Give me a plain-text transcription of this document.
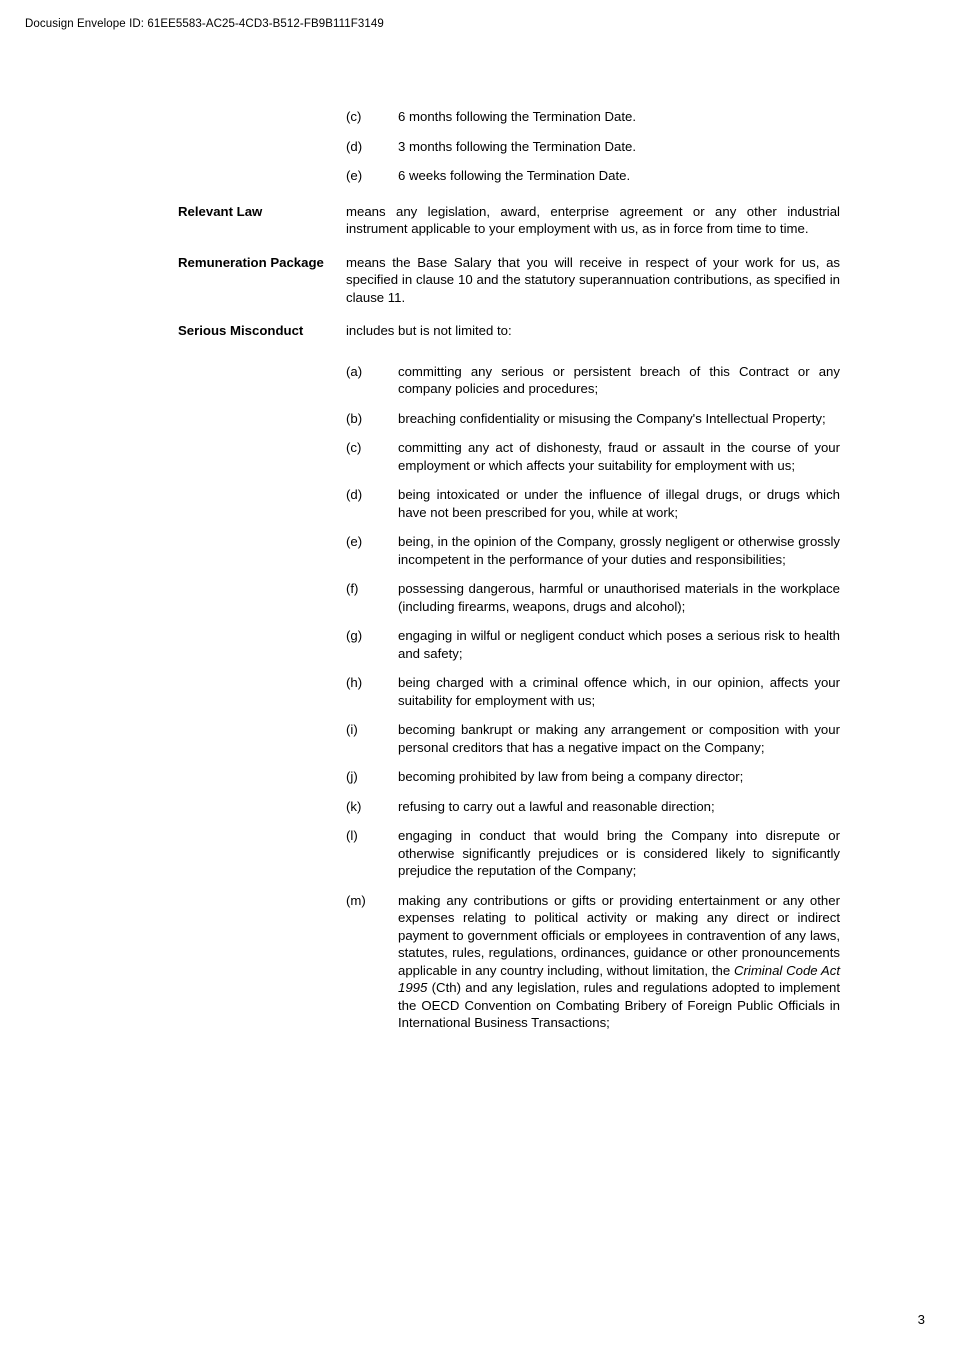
Docusign Envelope ID: 61EE5583-AC25-4CD3-B512-FB9B111F3149
(c)	6 months following the Termination Date.
(d)	3 months following the Termination Date.
(e)	6 weeks following the Termination Date.
Relevant Law	means any legislation, award, enterprise agreement or any other industrial instrument applicable to your employment with us, as in force from time to time.
Remuneration Package	means the Base Salary that you will receive in respect of your work for us, as specified in clause 10 and the statutory superannuation contributions, as specified in clause 11.
Serious Misconduct	includes but is not limited to:
(a)	committing any serious or persistent breach of this Contract or any company policies and procedures;
(b)	breaching confidentiality or misusing the Company's Intellectual Property;
(c)	committing any act of dishonesty, fraud or assault in the course of your employment or which affects your suitability for employment with us;
(d)	being intoxicated or under the influence of illegal drugs, or drugs which have not been prescribed for you, while at work;
(e)	being, in the opinion of the Company, grossly negligent or otherwise grossly incompetent in the performance of your duties and responsibilities;
(f)	possessing dangerous, harmful or unauthorised materials in the workplace (including firearms, weapons, drugs and alcohol);
(g)	engaging in wilful or negligent conduct which poses a serious risk to health and safety;
(h)	being charged with a criminal offence which, in our opinion, affects your suitability for employment with us;
(i)	becoming bankrupt or making any arrangement or composition with your personal creditors that has a negative impact on the Company;
(j)	becoming prohibited by law from being a company director;
(k)	refusing to carry out a lawful and reasonable direction;
(l)	engaging in conduct that would bring the Company into disrepute or otherwise significantly prejudices or is considered likely to significantly prejudice the reputation of the Company;
(m)	making any contributions or gifts or providing entertainment or any other expenses relating to political activity or making any direct or indirect payment to government officials or employees in contravention of any laws, statutes, rules, regulations, ordinances, guidance or other pronouncements applicable in any country including, without limitation, the Criminal Code Act 1995 (Cth) and any legislation, rules and regulations adopted to implement the OECD Convention on Combating Bribery of Foreign Public Officials in International Business Transactions;
3
